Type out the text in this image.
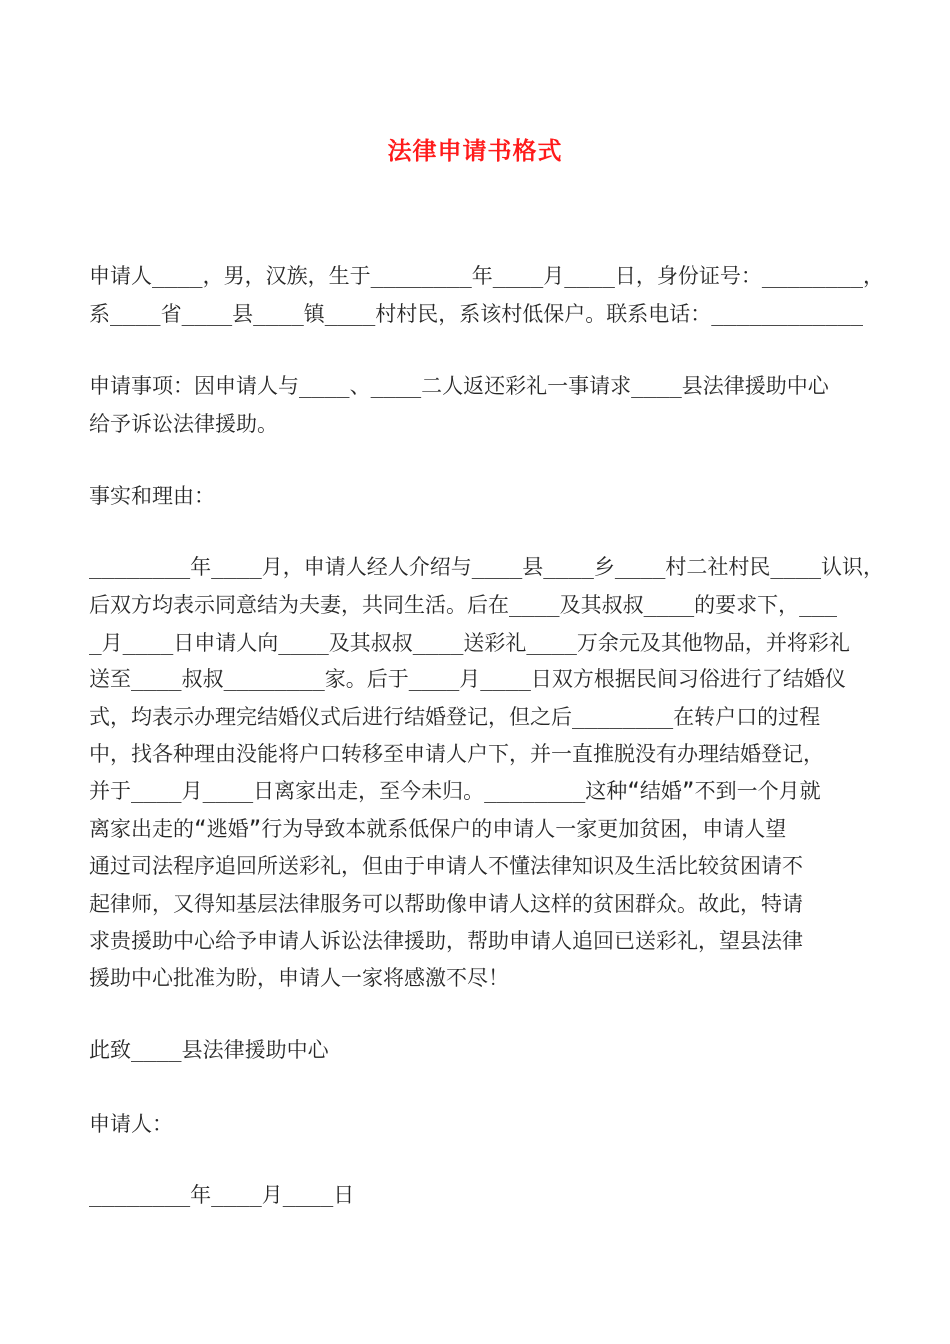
法律申请书格式
申请人____，男，汉族，生于________年____月____日，身份证号：________，
系____省____县____镇____村村民，系该村低保户。联系电话：____________
申请事项：因申请人与____、____二人返还彩礼一事请求____县法律援助中心
给予诉讼法律援助。
事实和理由：
________年____月，申请人经人介绍与____县____乡____村二社村民____认识，
后双方均表示同意结为夫妻，共同生活。后在____及其叔叔____的要求下，___
_月____日申请人向____及其叔叔____送彩礼____万余元及其他物品，并将彩礼
送至____叔叔________家。后于____月____日双方根据民间习俗进行了结婚仪
式，均表示办理完结婚仪式后进行结婚登记，但之后________在转户口的过程
中，找各种理由没能将户口转移至申请人户下，并一直推脱没有办理结婚登记，
并于____月____日离家出走，至今未归。________这种“结婚”不到一个月就
离家出走的“逃婚”行为导致本就系低保户的申请人一家更加贫困，申请人望
通过司法程序追回所送彩礼，但由于申请人不懂法律知识及生活比较贫困请不
起律师，又得知基层法律服务可以帮助像申请人这样的贫困群众。故此，特请
求贵援助中心给予申请人诉讼法律援助，帮助申请人追回已送彩礼，望县法律
援助中心批准为盼，申请人一家将感激不尽！
此致____县法律援助中心
申请人：
________年____月____日
